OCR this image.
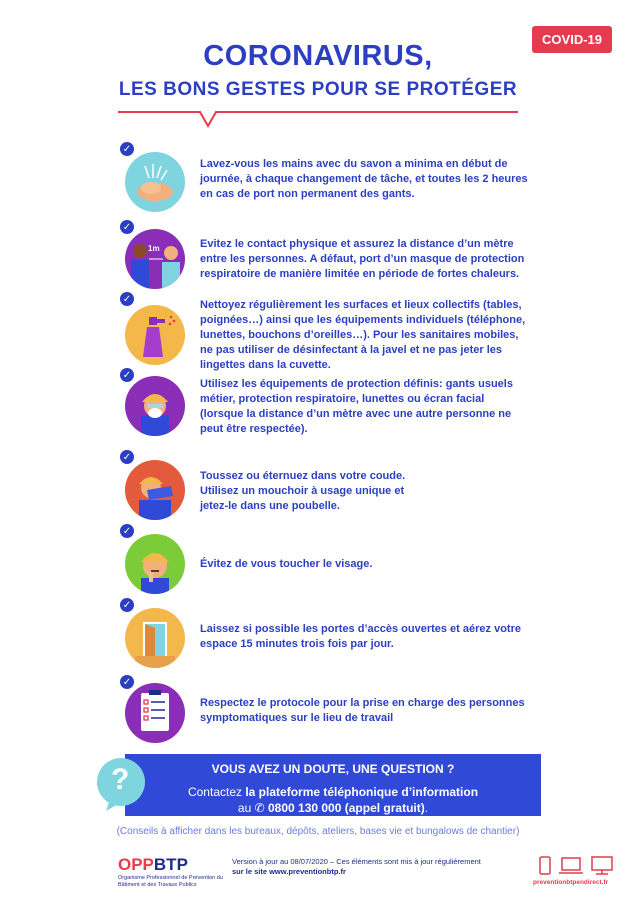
COVID-19
CORONAVIRUS,
LES BONS GESTES POUR SE PROTÉGER
✓
Lavez-vous les mains avec du savon a minima en début de journée, à chaque changement de tâche, et toutes les 2 heures en cas de port non permanent des gants.
✓
1m	Evitez le contact physique et assurez la distance d’un mètre entre les personnes. A défaut, port d’un masque de protection respiratoire de manière limitée en période de fortes chaleurs.
✓	Nettoyez régulièrement les surfaces et lieux collectifs (tables, poignées…) ainsi que les équipements individuels (téléphone, lunettes, bouchons d’oreilles…). Pour les sanitaires mobiles, ne pas utiliser de désinfectant à la javel et ne pas jeter les lingettes dans la cuvette.
✓
Utilisez les équipements de protection définis: gants usuels métier, protection respiratoire, lunettes ou écran facial (lorsque la distance d’un mètre avec une autre personne ne peut être respectée).
✓
Toussez ou éternuez dans votre coude. Utilisez un mouchoir à usage unique et jetez-le dans une poubelle.
✓
Évitez de vous toucher le visage.
✓
Laissez si possible les portes d’accès ouvertes et aérez votre espace 15 minutes trois fois par jour.
✓
Respectez le protocole pour la prise en charge des personnes symptomatiques sur le lieu de travail
VOUS AVEZ UN DOUTE, UNE QUESTION ?
Contactez la plateforme téléphonique d’information
au ✆ 0800 130 000 (appel gratuit).
?
(Conseils à afficher dans les bureaux, dépôts, ateliers, bases vie et bungalows de chantier)
OPPBTP
Organisme Professionnel de Prévention du Bâtiment et des Travaux Publics
Version à jour au 08/07/2020 – Ces éléments sont mis à jour régulièrement
sur le site www.preventionbtp.fr
preventionbtpendirect.fr
